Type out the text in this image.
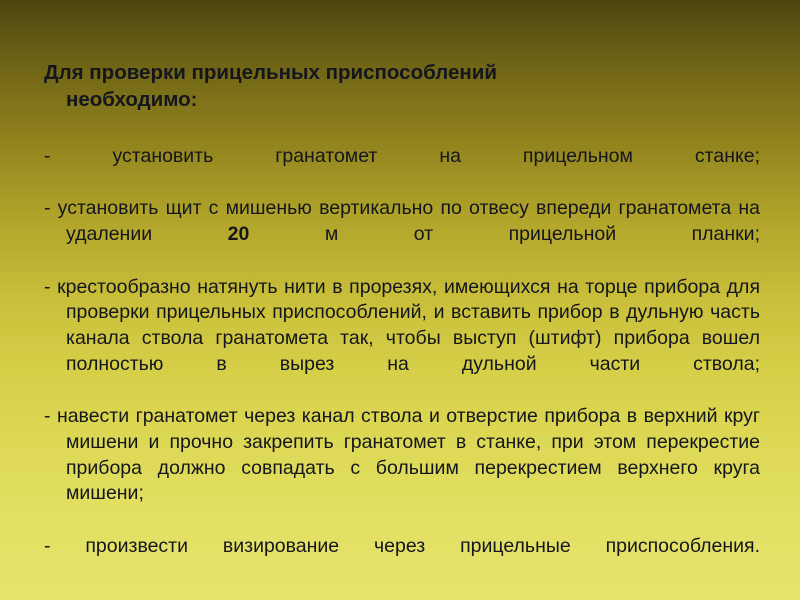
Для проверки прицельных приспособлений
необходимо:

- установить гранатомет на прицельном станке;

- установить щит с мишенью вертикально по отвесу впереди гранатомета на удалении 20 м от прицельной планки;

- крестообразно натянуть нити в прорезях, имеющихся на торце прибора для проверки прицельных приспособлений, и вставить прибор в дульную часть канала ствола гранатомета так, чтобы выступ (штифт) прибора вошел полностью в вырез на дульной части ствола;

- навести гранатомет через канал ствола и отверстие прибора в верхний круг мишени и прочно закрепить гранатомет в станке, при этом перекрестие прибора должно совпадать с большим перекрестием верхнего круга мишени;

- произвести визирование через прицельные приспособления.
